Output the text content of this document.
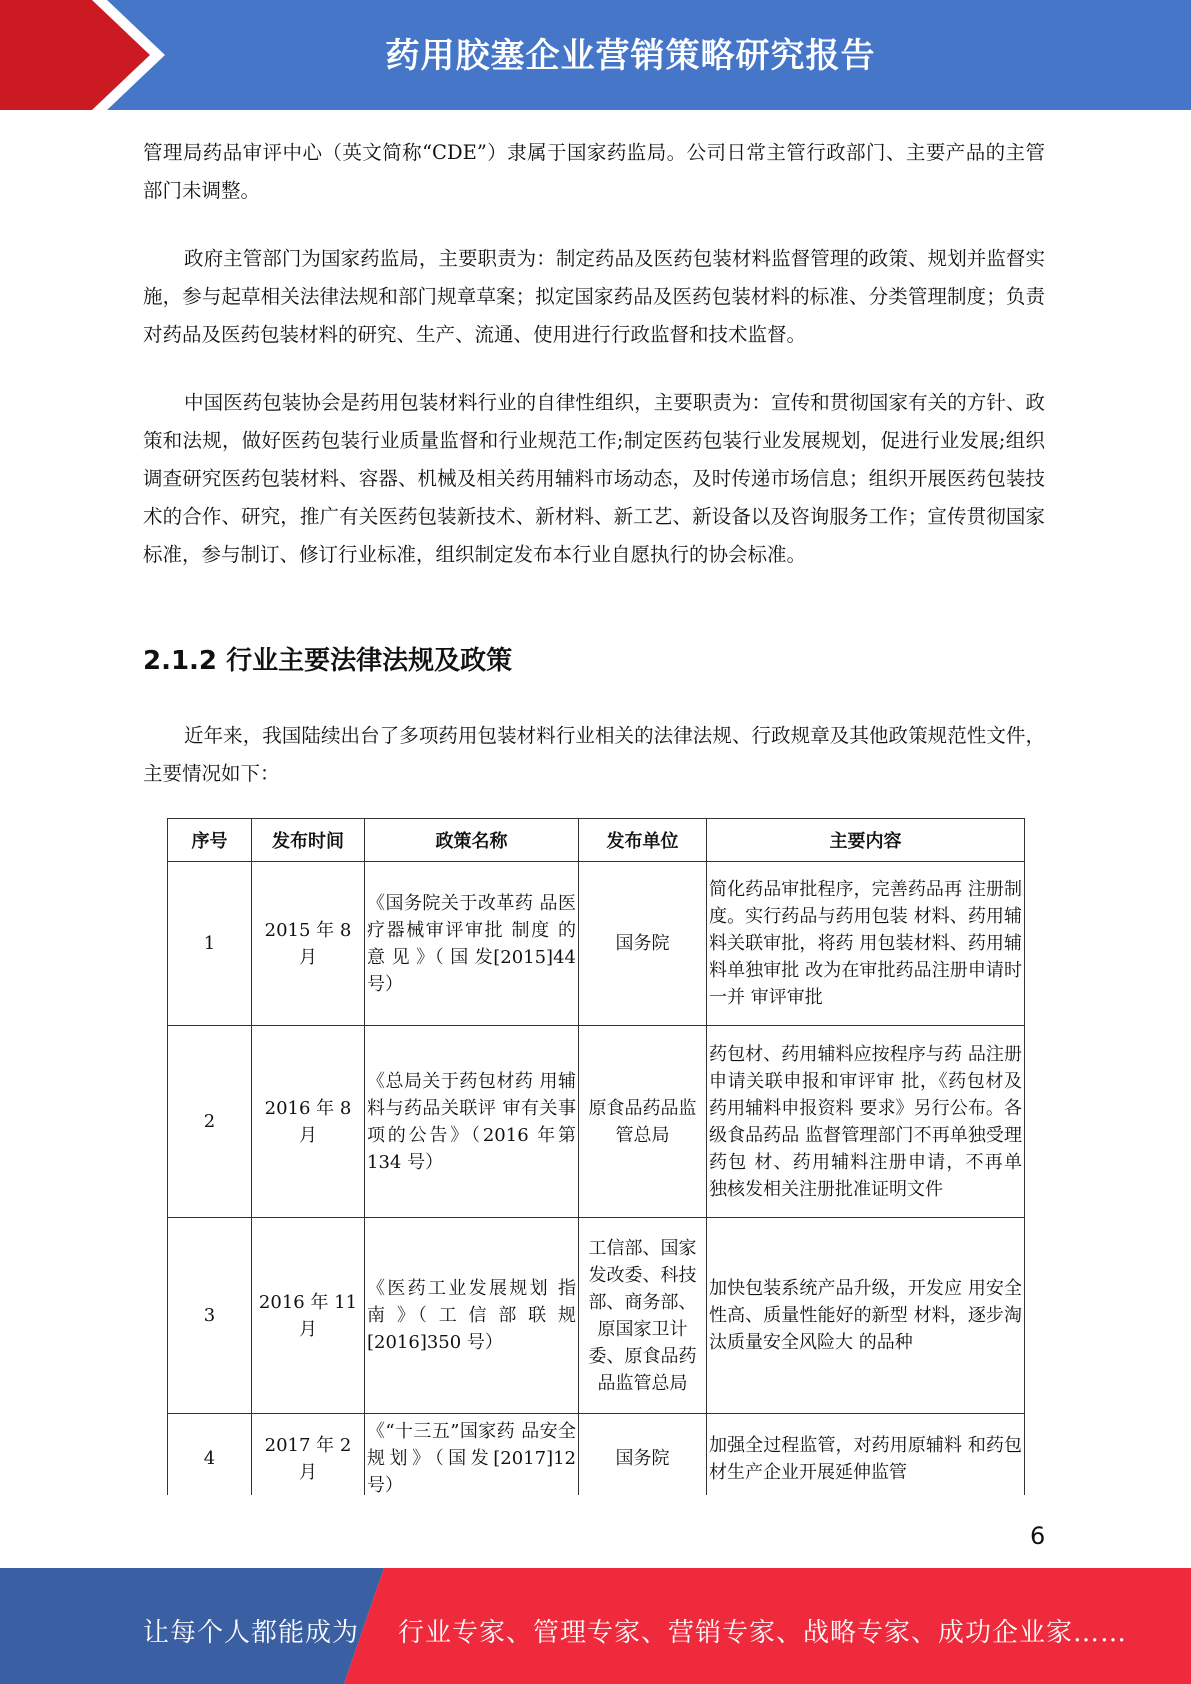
药用胶塞企业营销策略研究报告

管理局药品审评中心（英文简称“CDE”）隶属于国家药监局。公司日常主管行政部门、主要产品的主管部门未调整。

政府主管部门为国家药监局，主要职责为：制定药品及医药包装材料监督管理的政策、规划并监督实施，参与起草相关法律法规和部门规章草案；拟定国家药品及医药包装材料的标准、分类管理制度；负责对药品及医药包装材料的研究、生产、流通、使用进行行政监督和技术监督。

中国医药包装协会是药用包装材料行业的自律性组织，主要职责为：宣传和贯彻国家有关的方针、政策和法规，做好医药包装行业质量监督和行业规范工作;制定医药包装行业发展规划，促进行业发展;组织调查研究医药包装材料、容器、机械及相关药用辅料市场动态，及时传递市场信息；组织开展医药包装技术的合作、研究，推广有关医药包装新技术、新材料、新工艺、新设备以及咨询服务工作；宣传贯彻国家标准，参与制订、修订行业标准，组织制定发布本行业自愿执行的协会标准。

2.1.2 行业主要法律法规及政策

近年来，我国陆续出台了多项药用包装材料行业相关的法律法规、行政规章及其他政策规范性文件，主要情况如下：

序号	发布时间	政策名称	发布单位	主要内容
1	2015 年 8 月	《国务院关于改革药 品医疗器械审评审批 制度 的 意 见 》（ 国 发[2015]44 号）	国务院	简化药品审批程序，完善药品再 注册制度。实行药品与药用包装 材料、药用辅料关联审批，将药 用包装材料、药用辅料单独审批 改为在审批药品注册申请时一并 审评审批
2	2016 年 8 月	《总局关于药包材药 用辅料与药品关联评 审有关事项的公告》（2016 年第 134 号）	原食品药品监管总局	药包材、药用辅料应按程序与药 品注册申请关联申报和审评审 批，《药包材及药用辅料申报资料 要求》另行公布。各级食品药品 监督管理部门不再单独受理药包 材、药用辅料注册申请，不再单 独核发相关注册批准证明文件
3	2016 年 11 月	《医药工业发展规划 指 南 》（ 工 信 部 联 规[2016]350 号）	工信部、国家发改委、科技部、商务部、原国家卫计委、原食品药品监管总局	加快包装系统产品升级，开发应 用安全性高、质量性能好的新型 材料，逐步淘汰质量安全风险大 的品种
4	2017 年 2 月	《“十三五”国家药 品安全规划》（国发[2017]12 号）	国务院	加强全过程监管，对药用原辅料 和药包材生产企业开展延伸监管
6
让每个人都能成为 行业专家、管理专家、营销专家、战略专家、成功企业家……
